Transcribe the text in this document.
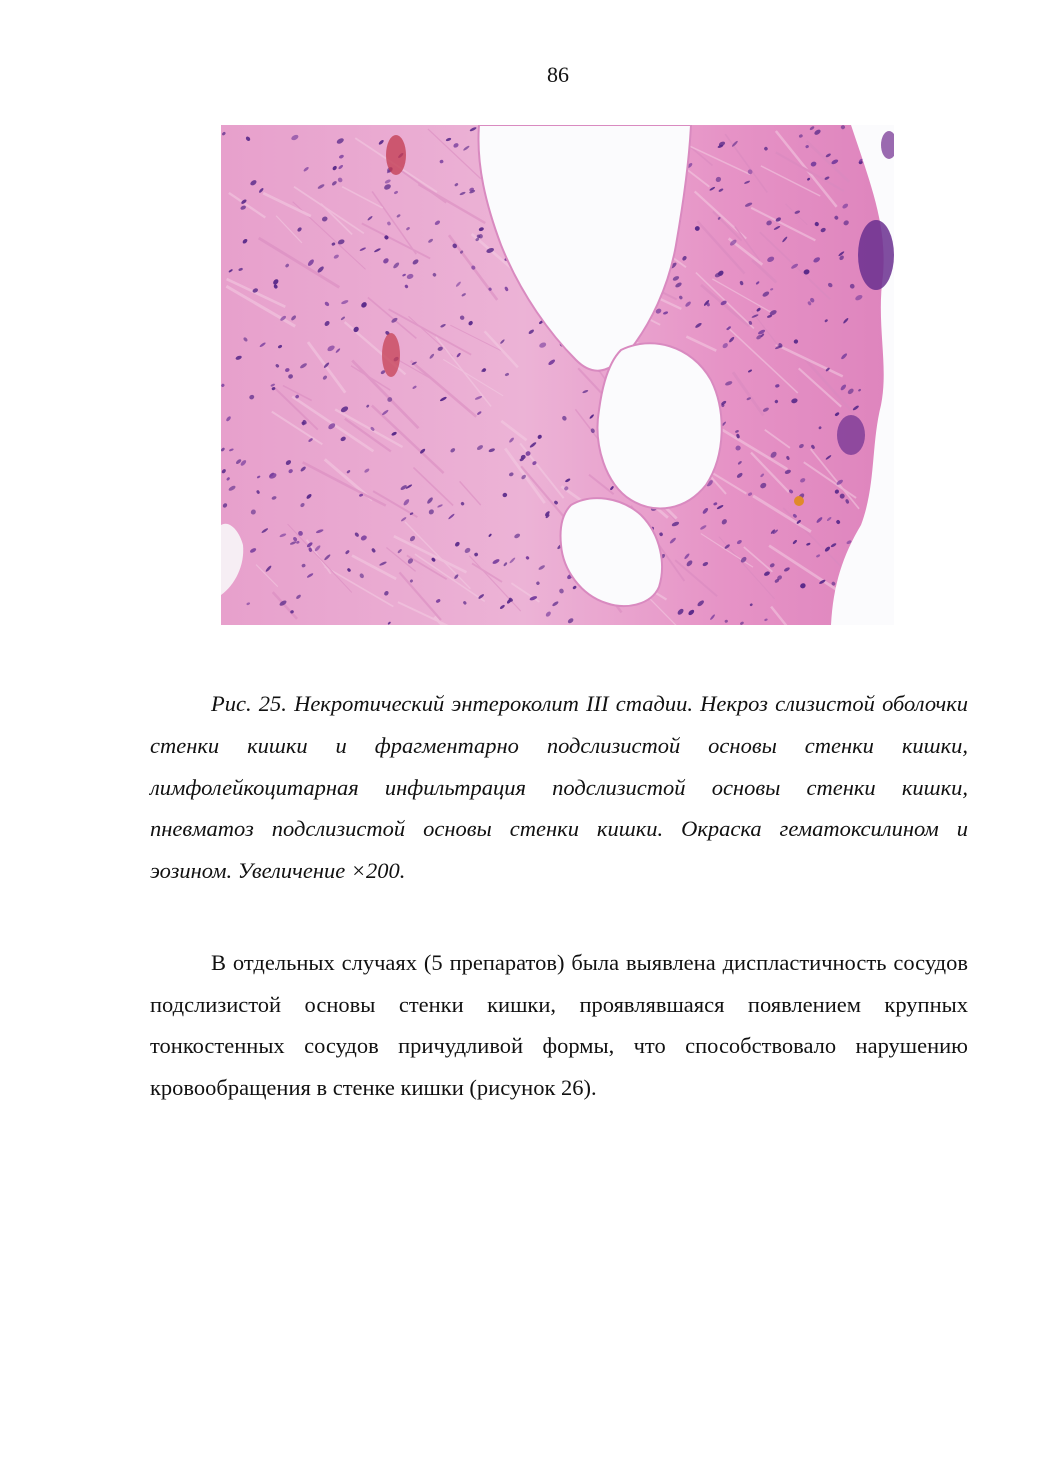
86

Рис. 25. Некротический энтероколит III стадии. Некроз слизистой оболочки стенки кишки и фрагментарно подслизистой основы стенки кишки, лимфолейкоцитарная инфильтрация подслизистой основы стенки кишки, пневматоз подслизистой основы стенки кишки. Окраска гематоксилином и эозином. Увеличение ×200.

В отдельных случаях (5 препаратов) была выявлена диспластичность сосудов подслизистой основы стенки кишки, проявлявшаяся появлением крупных тонкостенных сосудов причудливой формы, что способствовало нарушению кровообращения в стенке кишки (рисунок 26).
